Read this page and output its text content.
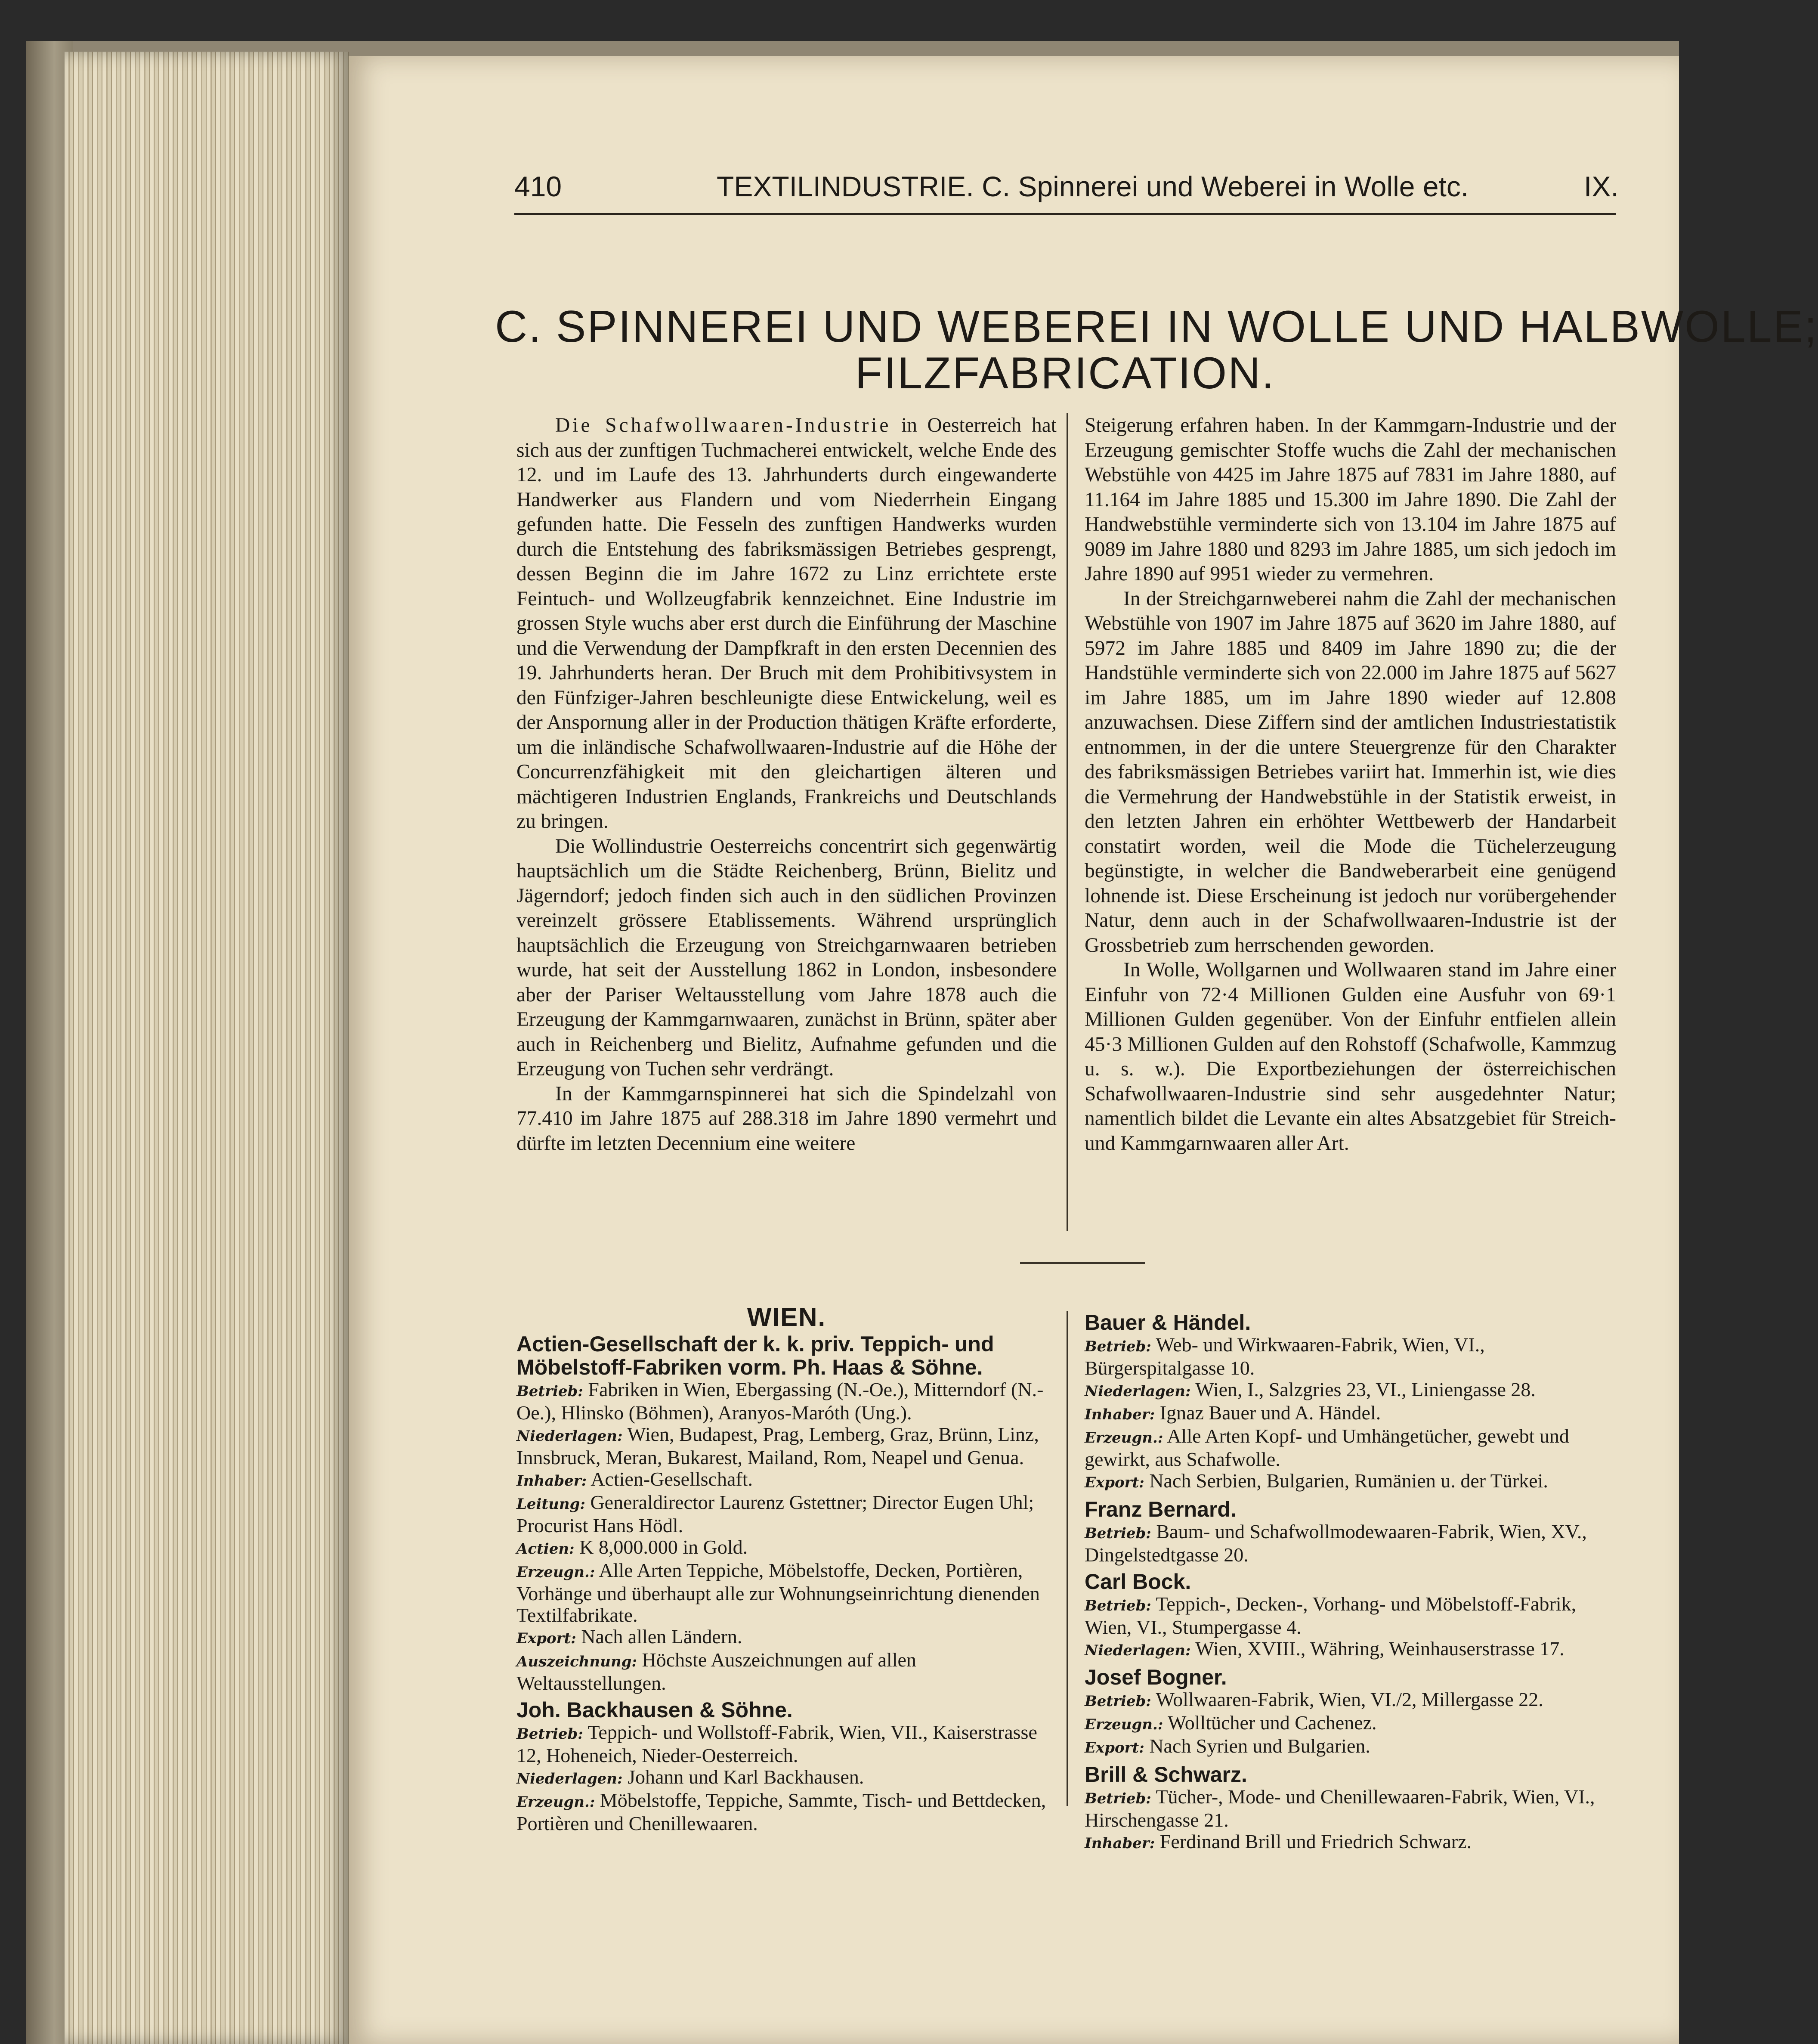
410	TEXTILINDUSTRIE. C. Spinnerei und Weberei in Wolle etc.	IX.
C. SPINNEREI UND WEBEREI IN WOLLE UND HALBWOLLE;
FILZFABRICATION.

Die Schafwollwaaren-Industrie in Oesterreich hat sich aus der zunftigen Tuchmacherei entwickelt, welche Ende des 12. und im Laufe des 13. Jahrhunderts durch eingewanderte Handwerker aus Flandern und vom Niederrhein Eingang gefunden hatte. Die Fesseln des zunftigen Handwerks wurden durch die Entstehung des fabriksmässigen Betriebes gesprengt, dessen Beginn die im Jahre 1672 zu Linz errichtete erste Feintuch- und Wollzeugfabrik kennzeichnet. Eine Industrie im grossen Style wuchs aber erst durch die Einführung der Maschine und die Verwendung der Dampfkraft in den ersten Decennien des 19. Jahrhunderts heran. Der Bruch mit dem Prohibitivsystem in den Fünfziger-Jahren beschleunigte diese Entwickelung, weil es der Anspornung aller in der Production thätigen Kräfte erforderte, um die inländische Schafwollwaaren-Industrie auf die Höhe der Concurrenzfähigkeit mit den gleichartigen älteren und mächtigeren Industrien Englands, Frankreichs und Deutschlands zu bringen.

Die Wollindustrie Oesterreichs concentrirt sich gegenwärtig hauptsächlich um die Städte Reichenberg, Brünn, Bielitz und Jägerndorf; jedoch finden sich auch in den südlichen Provinzen vereinzelt grössere Etablissements. Während ursprünglich hauptsächlich die Erzeugung von Streichgarnwaaren betrieben wurde, hat seit der Ausstellung 1862 in London, insbesondere aber der Pariser Weltausstellung vom Jahre 1878 auch die Erzeugung der Kammgarnwaaren, zunächst in Brünn, später aber auch in Reichenberg und Bielitz, Aufnahme gefunden und die Erzeugung von Tuchen sehr verdrängt.

In der Kammgarnspinnerei hat sich die Spindelzahl von 77.410 im Jahre 1875 auf 288.318 im Jahre 1890 vermehrt und dürfte im letzten Decennium eine weitere

Steigerung erfahren haben. In der Kammgarn-Industrie und der Erzeugung gemischter Stoffe wuchs die Zahl der mechanischen Webstühle von 4425 im Jahre 1875 auf 7831 im Jahre 1880, auf 11.164 im Jahre 1885 und 15.300 im Jahre 1890. Die Zahl der Handwebstühle verminderte sich von 13.104 im Jahre 1875 auf 9089 im Jahre 1880 und 8293 im Jahre 1885, um sich jedoch im Jahre 1890 auf 9951 wieder zu vermehren.

In der Streichgarnweberei nahm die Zahl der mechanischen Webstühle von 1907 im Jahre 1875 auf 3620 im Jahre 1880, auf 5972 im Jahre 1885 und 8409 im Jahre 1890 zu; die der Handstühle verminderte sich von 22.000 im Jahre 1875 auf 5627 im Jahre 1885, um im Jahre 1890 wieder auf 12.808 anzuwachsen. Diese Ziffern sind der amtlichen Industriestatistik entnommen, in der die untere Steuergrenze für den Charakter des fabriksmässigen Betriebes variirt hat. Immerhin ist, wie dies die Vermehrung der Handwebstühle in der Statistik erweist, in den letzten Jahren ein erhöhter Wettbewerb der Handarbeit constatirt worden, weil die Mode die Tüchelerzeugung begünstigte, in welcher die Bandweberarbeit eine genügend lohnende ist. Diese Erscheinung ist jedoch nur vorübergehender Natur, denn auch in der Schafwollwaaren-Industrie ist der Grossbetrieb zum herrschenden geworden.

In Wolle, Wollgarnen und Wollwaaren stand im Jahre einer Einfuhr von 72·4 Millionen Gulden eine Ausfuhr von 69·1 Millionen Gulden gegenüber. Von der Einfuhr entfielen allein 45·3 Millionen Gulden auf den Rohstoff (Schafwolle, Kammzug u. s. w.). Die Exportbeziehungen der österreichischen Schafwollwaaren-Industrie sind sehr ausgedehnter Natur; namentlich bildet die Levante ein altes Absatzgebiet für Streich- und Kammgarnwaaren aller Art.

WIEN.
Actien-Gesellschaft der k. k. priv. Teppich- und Möbelstoff-Fabriken vorm. Ph. Haas & Söhne.
Betrieb: Fabriken in Wien, Ebergassing (N.-Oe.), Mitterndorf (N.-Oe.), Hlinsko (Böhmen), Aranyos-Maróth (Ung.).
Niederlagen: Wien, Budapest, Prag, Lemberg, Graz, Brünn, Linz, Innsbruck, Meran, Bukarest, Mailand, Rom, Neapel und Genua.
Inhaber: Actien-Gesellschaft.
Leitung: Generaldirector Laurenz Gstettner; Director Eugen Uhl; Procurist Hans Hödl.
Actien: K 8,000.000 in Gold.
Erzeugn.: Alle Arten Teppiche, Möbelstoffe, Decken, Portièren, Vorhänge und überhaupt alle zur Wohnungseinrichtung dienenden Textilfabrikate.
Export: Nach allen Ländern.
Auszeichnung: Höchste Auszeichnungen auf allen Weltausstellungen.
Joh. Backhausen & Söhne.
Betrieb: Teppich- und Wollstoff-Fabrik, Wien, VII., Kaiserstrasse 12, Hoheneich, Nieder-Oesterreich.
Niederlagen: Johann und Karl Backhausen.
Erzeugn.: Möbelstoffe, Teppiche, Sammte, Tisch- und Bettdecken, Portièren und Chenillewaaren.
Bauer & Händel.
Betrieb: Web- und Wirkwaaren-Fabrik, Wien, VI., Bürgerspitalgasse 10.
Niederlagen: Wien, I., Salzgries 23, VI., Liniengasse 28.
Inhaber: Ignaz Bauer und A. Händel.
Erzeugn.: Alle Arten Kopf- und Umhängetücher, gewebt und gewirkt, aus Schafwolle.
Export: Nach Serbien, Bulgarien, Rumänien u. der Türkei.
Franz Bernard.
Betrieb: Baum- und Schafwollmodewaaren-Fabrik, Wien, XV., Dingelstedtgasse 20.
Carl Bock.
Betrieb: Teppich-, Decken-, Vorhang- und Möbelstoff-Fabrik, Wien, VI., Stumpergasse 4.
Niederlagen: Wien, XVIII., Währing, Weinhauserstrasse 17.
Josef Bogner.
Betrieb: Wollwaaren-Fabrik, Wien, VI./2, Millergasse 22.
Erzeugn.: Wolltücher und Cachenez.
Export: Nach Syrien und Bulgarien.
Brill & Schwarz.
Betrieb: Tücher-, Mode- und Chenillewaaren-Fabrik, Wien, VI., Hirschengasse 21.
Inhaber: Ferdinand Brill und Friedrich Schwarz.
